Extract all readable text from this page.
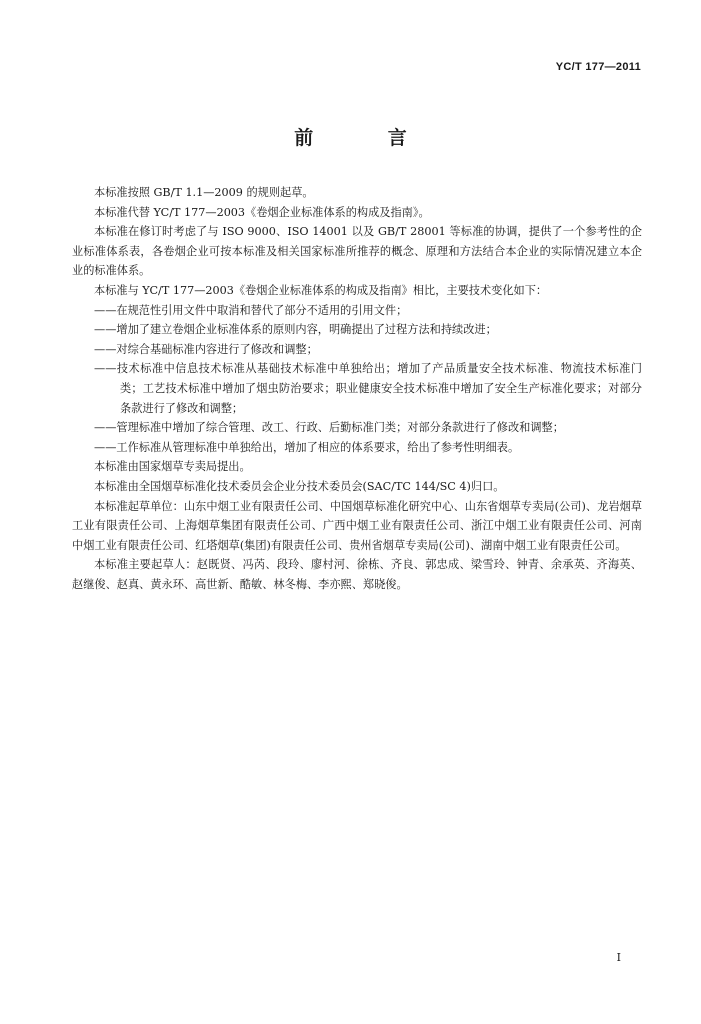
YC/T 177—2011
前 言

本标准按照 GB/T 1.1—2009 的规则起草。

本标准代替 YC/T 177—2003《卷烟企业标准体系的构成及指南》。

本标准在修订时考虑了与 ISO 9000、ISO 14001 以及 GB/T 28001 等标准的协调，提供了一个参考性的企业标准体系表，各卷烟企业可按本标准及相关国家标准所推荐的概念、原理和方法结合本企业的实际情况建立本企业的标准体系。

本标准与 YC/T 177—2003《卷烟企业标准体系的构成及指南》相比，主要技术变化如下：

——在规范性引用文件中取消和替代了部分不适用的引用文件；

——增加了建立卷烟企业标准体系的原则内容，明确提出了过程方法和持续改进；

——对综合基础标准内容进行了修改和调整；

——技术标准中信息技术标准从基础技术标准中单独给出；增加了产品质量安全技术标准、物流技术标准门类；工艺技术标准中增加了烟虫防治要求；职业健康安全技术标准中增加了安全生产标准化要求；对部分条款进行了修改和调整；

——管理标准中增加了综合管理、改工、行政、后勤标准门类；对部分条款进行了修改和调整；

——工作标准从管理标准中单独给出，增加了相应的体系要求，给出了参考性明细表。

本标准由国家烟草专卖局提出。

本标准由全国烟草标准化技术委员会企业分技术委员会(SAC/TC 144/SC 4)归口。

本标准起草单位：山东中烟工业有限责任公司、中国烟草标准化研究中心、山东省烟草专卖局(公司)、龙岩烟草工业有限责任公司、上海烟草集团有限责任公司、广西中烟工业有限责任公司、浙江中烟工业有限责任公司、河南中烟工业有限责任公司、红塔烟草(集团)有限责任公司、贵州省烟草专卖局(公司)、湖南中烟工业有限责任公司。

本标准主要起草人：赵既贤、冯芮、段玲、廖村河、徐栋、齐良、郭忠成、梁雪玲、钟青、余承英、齐海英、赵继俊、赵真、黄永环、高世新、酷敏、林冬梅、李亦熙、郑晓俊。

I
